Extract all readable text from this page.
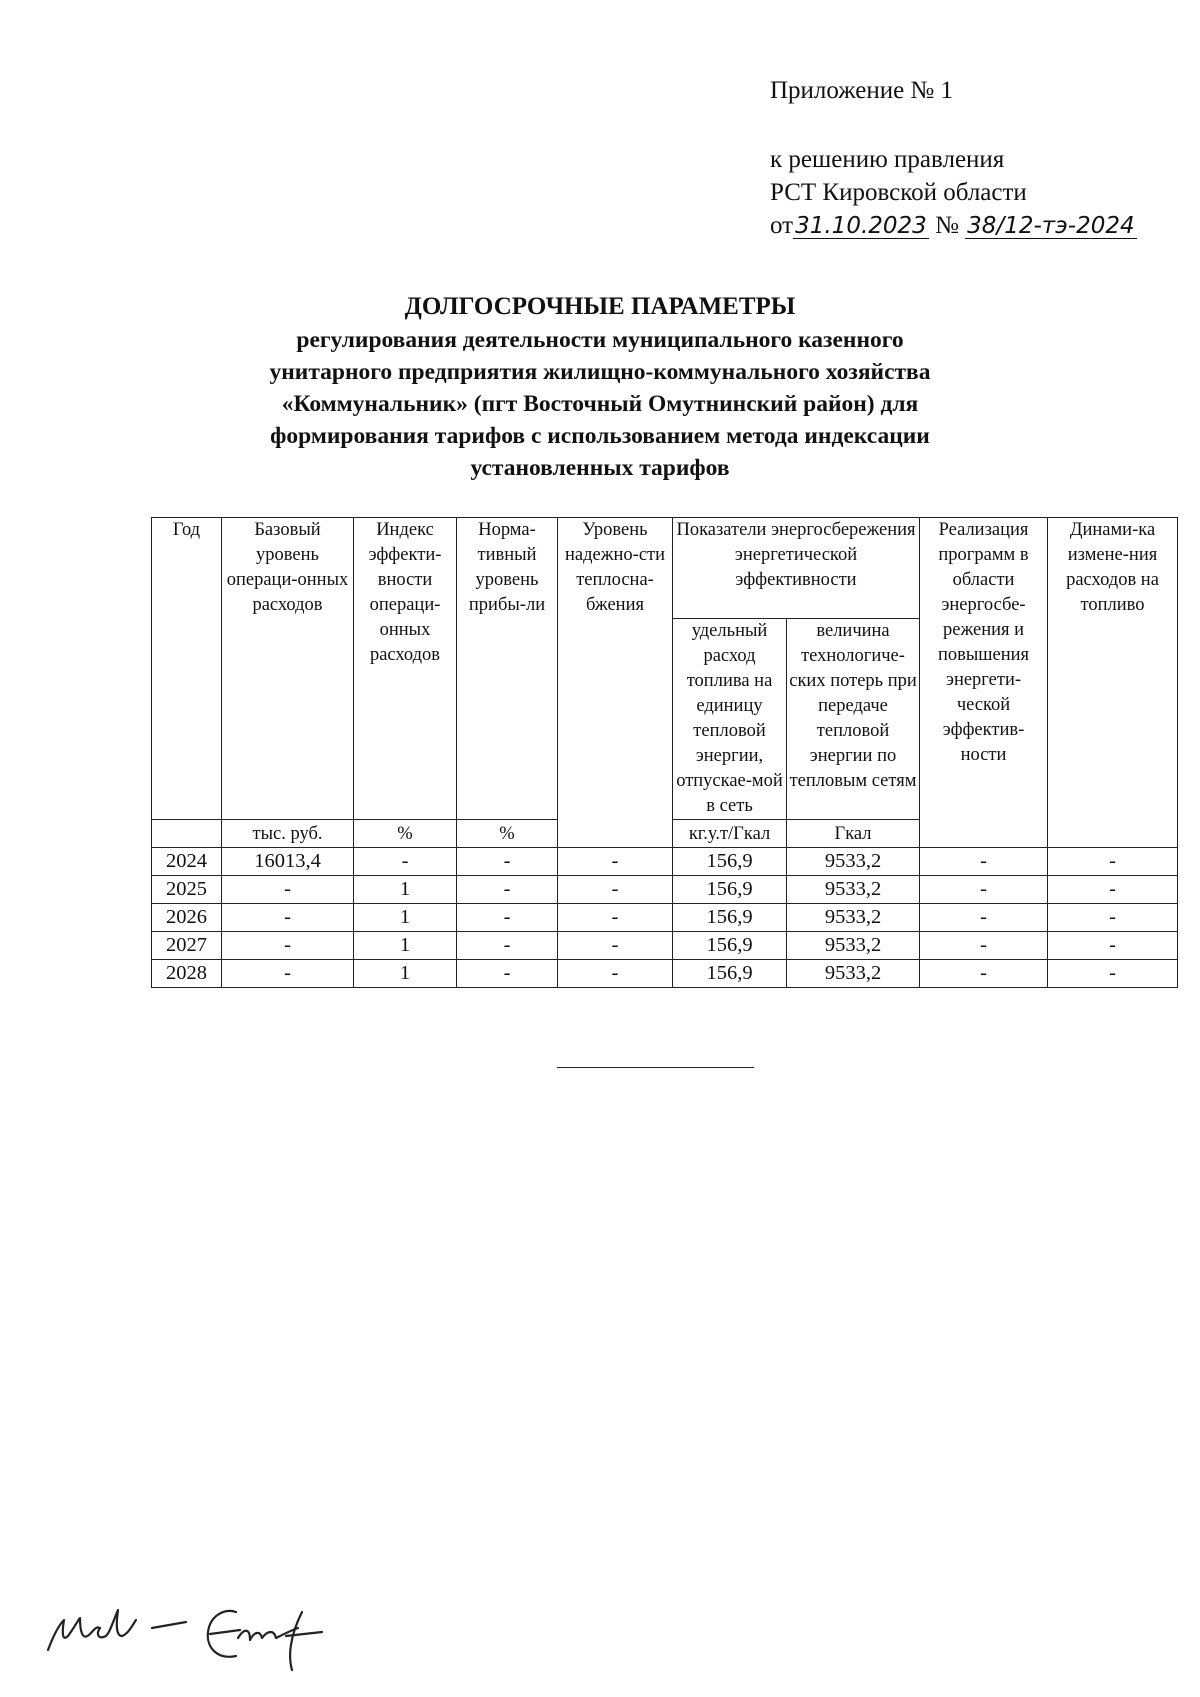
Приложение № 1
к решению правления
РСТ Кировской области
от31.10.2023 № 38/12-тэ-2024
ДОЛГОСРОЧНЫЕ ПАРАМЕТРЫ
регулирования деятельности муниципального казенного
унитарного предприятия жилищно-коммунального хозяйства
«Коммунальник» (пгт Восточный Омутнинский район) для
формирования тарифов с использованием метода индексации
установленных тарифов
Год	Базовый уровень операци-онных расходов	Индекс эффекти-вности операци-онных расходов	Норма-тивный уровень прибы-ли	Уровень надежно-сти теплосна-бжения	Показатели энергосбережения энергетической эффективности		Реализация программ в области энергосбе-режения и повышения энергети-ческой эффектив-ности	Динами-ка измене-ния расходов на топливо
					удельный расход топлива на единицу тепловой энергии, отпускае-мой в сеть	величина технологиче-ских потерь при передаче тепловой энергии по тепловым сетям		
	тыс. руб.	%	%		кг.у.т/Гкал	Гкал		
2024	16013,4	-	-	-	156,9	9533,2	-	-
2025	-	1	-	-	156,9	9533,2	-	-
2026	-	1	-	-	156,9	9533,2	-	-
2027	-	1	-	-	156,9	9533,2	-	-
2028	-	1	-	-	156,9	9533,2	-	-
